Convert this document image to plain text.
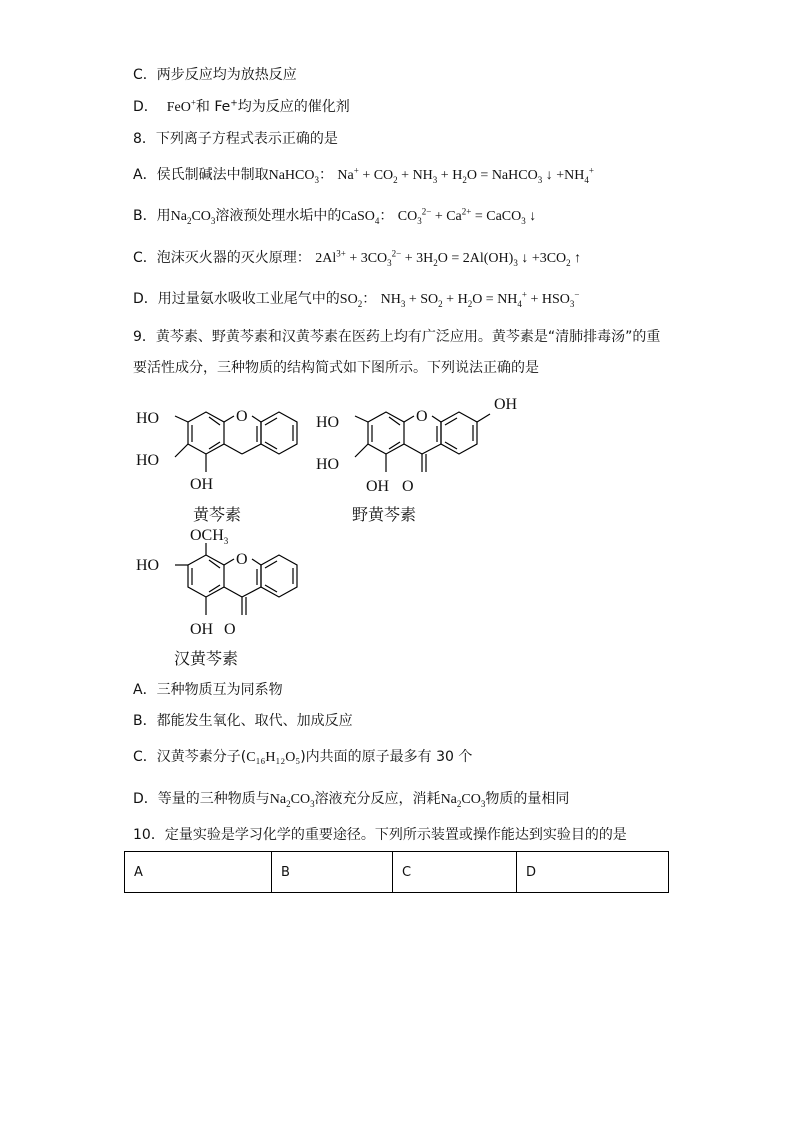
C．两步反应均为放热反应
D． FeO+和 Fe+均为反应的催化剂
8．下列离子方程式表示正确的是
A．侯氏制碱法中制取NaHCO$_3$： $Na^+ + CO_2 + NH_3 + H_2O$ = NaHCO$_3$ ↓ $+NH_4^+$
B．用$Na_2CO_3$溶液预处理水垢中的CaSO$_4$： $CO_3^{2-} + Ca^{2+}$ = CaCO$_3$ ↓
C．泡沫灭火器的灭火原理： $2Al^{3+} + 3CO_3^{2-} + 3H_2O = 2Al(OH)_3$ ↓ $+3CO_2$ ↑
D．用过量氨水吸收工业尾气中的$SO_2$： $NH_3 + SO_2 + H_2O = NH_4^+ + HSO_3^-$
9．黄芩素、野黄芩素和汉黄芩素在医药上均有广泛应用。黄芩素是“清肺排毒汤”的重
要活性成分，三种物质的结构简式如下图所示。下列说法正确的是
HO
HO
OH
O
黄芩素
HO
HO
OH O
O
OH
野黄芩素
HO
$OCH_3$
OH O
O
汉黄芩素
A．三种物质互为同系物
B．都能发生氧化、取代、加成反应
C．汉黄芩素分子(C₁₆H₁₂O₅)内共面的原子最多有 30 个
D．等量的三种物质与$Na_2CO_3$溶液充分反应，消耗$Na_2CO_3$物质的量相同
10．定量实验是学习化学的重要途径。下列所示装置或操作能达到实验目的的是
A	B	C	D
